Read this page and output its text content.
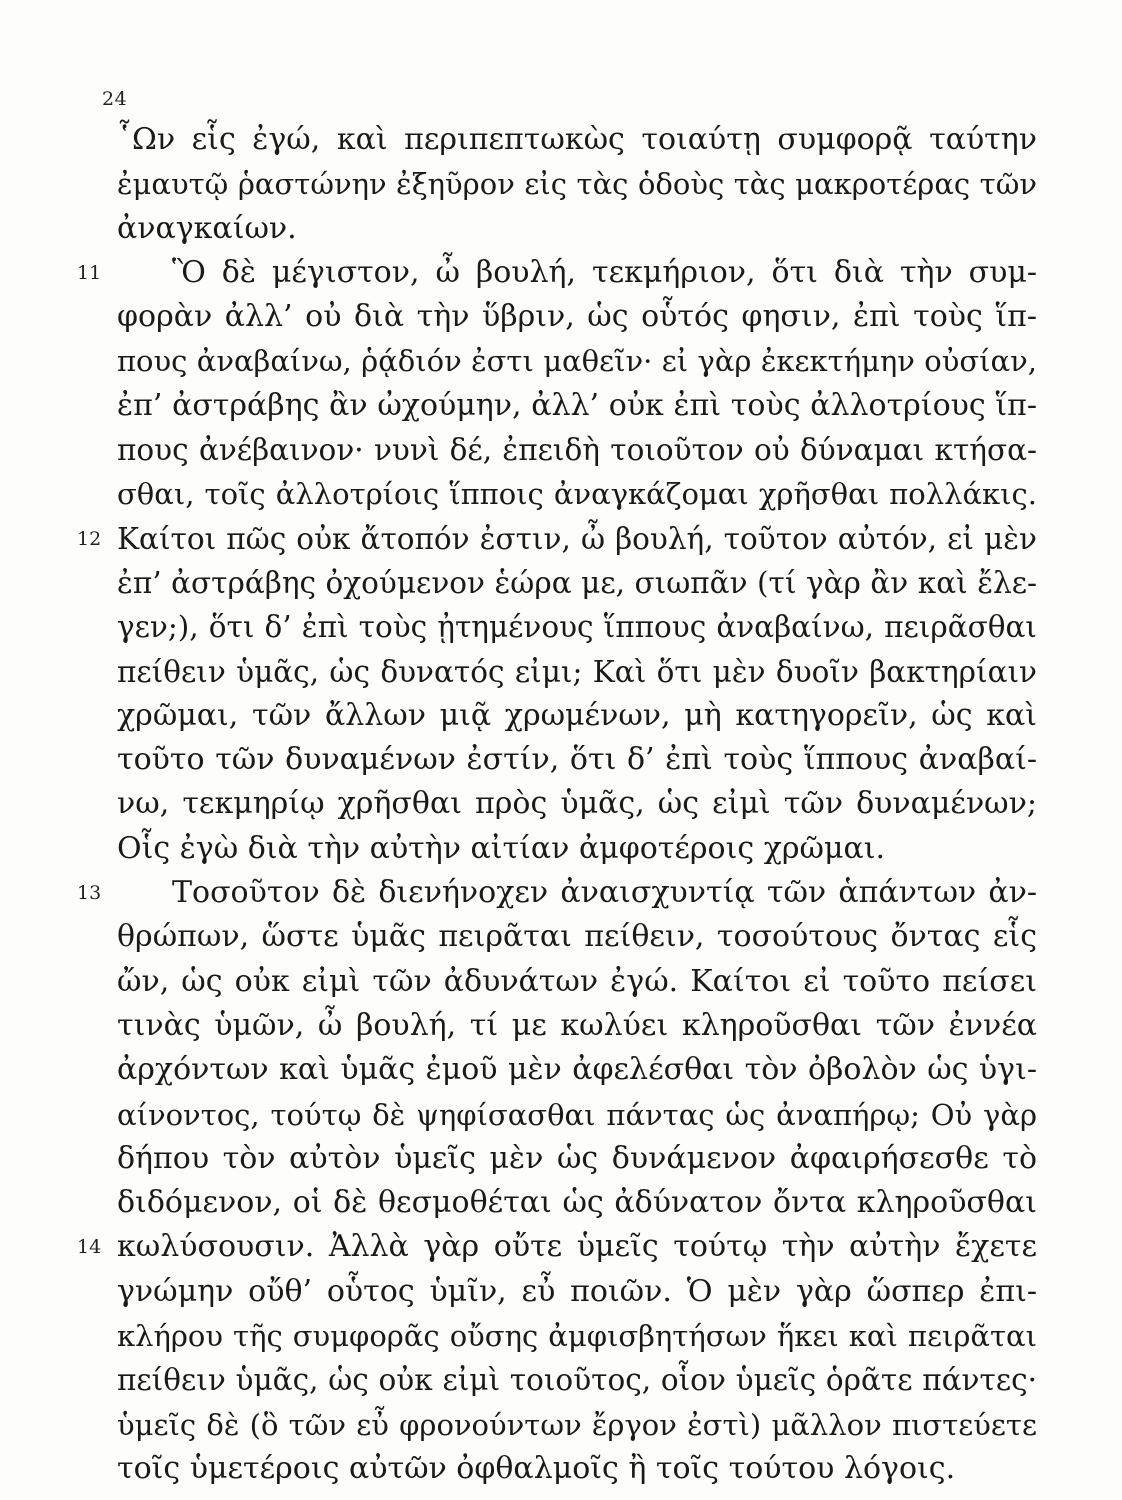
24
῟Ων εἷς ἐγώ, καὶ περιπεπτωκὼς τοιαύτῃ συμφορᾷ ταύτην
ἐμαυτῷ ῥαστώνην ἐξηῦρον εἰς τὰς ὁδοὺς τὰς μακροτέρας τῶν
ἀναγκαίων.
11 Ὃ δὲ μέγιστον, ὦ βουλή, τεκμήριον, ὅτι διὰ τὴν συμ-
φορὰν ἀλλ’ οὐ διὰ τὴν ὕβριν, ὡς οὗτός φησιν, ἐπὶ τοὺς ἵπ-
πους ἀναβαίνω, ῥᾴδιόν ἐστι μαθεῖν· εἰ γὰρ ἐκεκτήμην οὐσίαν,
ἐπ’ ἀστράβης ἂν ὠχούμην, ἀλλ’ οὐκ ἐπὶ τοὺς ἀλλοτρίους ἵπ-
πους ἀνέβαινον· νυνὶ δέ, ἐπειδὴ τοιοῦτον οὐ δύναμαι κτήσα-
σθαι, τοῖς ἀλλοτρίοις ἵπποις ἀναγκάζομαι χρῆσθαι πολλάκις.
12 Καίτοι πῶς οὐκ ἄτοπόν ἐστιν, ὦ βουλή, τοῦτον αὐτόν, εἰ μὲν
ἐπ’ ἀστράβης ὀχούμενον ἑώρα με, σιωπᾶν (τί γὰρ ἂν καὶ ἔλε-
γεν;), ὅτι δ’ ἐπὶ τοὺς ᾐτημένους ἵππους ἀναβαίνω, πειρᾶσθαι
πείθειν ὑμᾶς, ὡς δυνατός εἰμι; Καὶ ὅτι μὲν δυοῖν βακτηρίαιν
χρῶμαι, τῶν ἄλλων μιᾷ χρωμένων, μὴ κατηγορεῖν, ὡς καὶ
τοῦτο τῶν δυναμένων ἐστίν, ὅτι δ’ ἐπὶ τοὺς ἵππους ἀναβαί-
νω, τεκμηρίῳ χρῆσθαι πρὸς ὑμᾶς, ὡς εἰμὶ τῶν δυναμένων;
Οἷς ἐγὼ διὰ τὴν αὐτὴν αἰτίαν ἀμφοτέροις χρῶμαι.
13 Τοσοῦτον δὲ διενήνοχεν ἀναισχυντίᾳ τῶν ἁπάντων ἀν-
θρώπων, ὥστε ὑμᾶς πειρᾶται πείθειν, τοσούτους ὄντας εἷς
ὤν, ὡς οὐκ εἰμὶ τῶν ἀδυνάτων ἐγώ. Καίτοι εἰ τοῦτο πείσει
τινὰς ὑμῶν, ὦ βουλή, τί με κωλύει κληροῦσθαι τῶν ἐννέα
ἀρχόντων καὶ ὑμᾶς ἐμοῦ μὲν ἀφελέσθαι τὸν ὀβολὸν ὡς ὑγι-
αίνοντος, τούτῳ δὲ ψηφίσασθαι πάντας ὡς ἀναπήρῳ; Οὐ γὰρ
δήπου τὸν αὐτὸν ὑμεῖς μὲν ὡς δυνάμενον ἀφαιρήσεσθε τὸ
διδόμενον, οἱ δὲ θεσμοθέται ὡς ἀδύνατον ὄντα κληροῦσθαι
14 κωλύσουσιν. Ἀλλὰ γὰρ οὔτε ὑμεῖς τούτῳ τὴν αὐτὴν ἔχετε
γνώμην οὔθ’ οὗτος ὑμῖν, εὖ ποιῶν. Ὁ μὲν γὰρ ὥσπερ ἐπι-
κλήρου τῆς συμφορᾶς οὔσης ἀμφισβητήσων ἥκει καὶ πειρᾶται
πείθειν ὑμᾶς, ὡς οὐκ εἰμὶ τοιοῦτος, οἷον ὑμεῖς ὁρᾶτε πάντες·
ὑμεῖς δὲ (ὃ τῶν εὖ φρονούντων ἔργον ἐστὶ) μᾶλλον πιστεύετε
τοῖς ὑμετέροις αὐτῶν ὀφθαλμοῖς ἢ τοῖς τούτου λόγοις.
